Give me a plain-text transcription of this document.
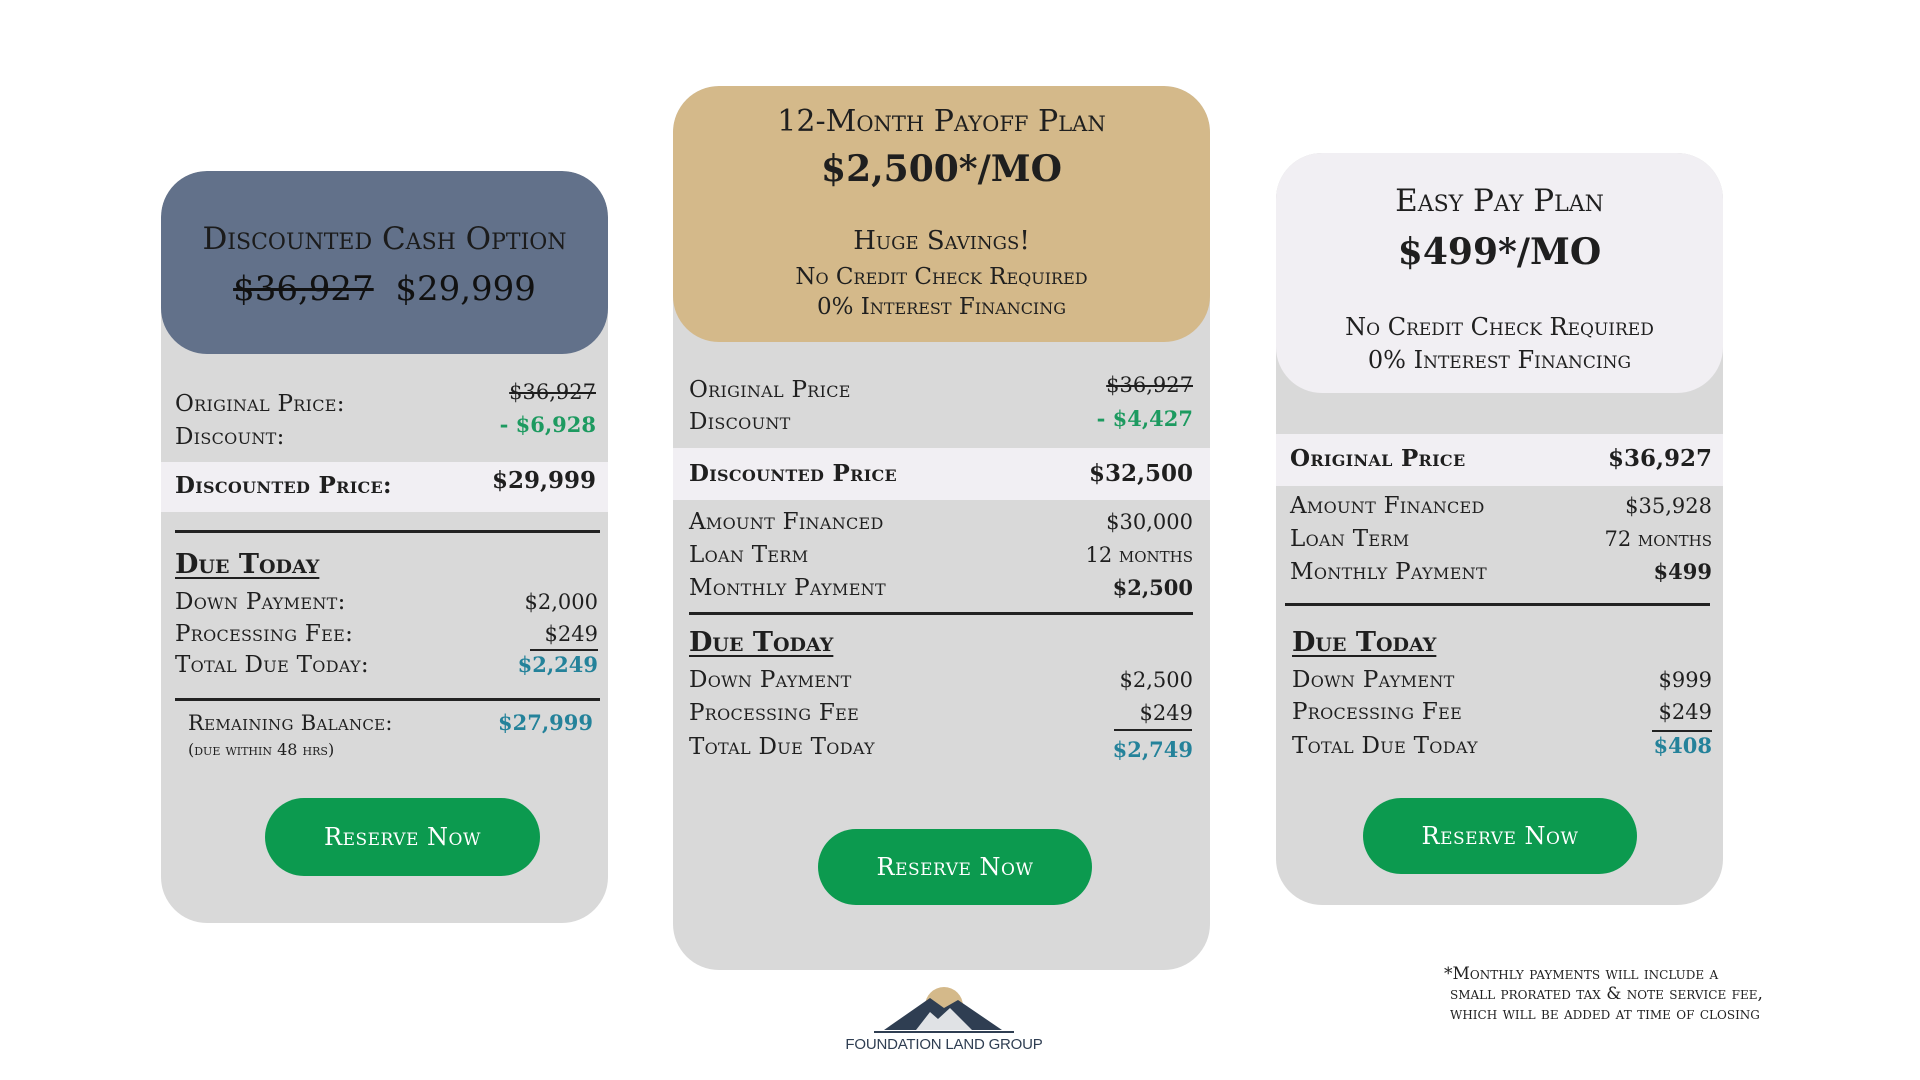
Discounted Cash Option
$36,927 $29,999
Original Price:	$36,927
Discount:	- $6,928
Discounted Price:	$29,999
Due Today
Down Payment:	$2,000
Processing Fee:	$249
Total Due Today:	$2,249
Remaining Balance:	$27,999
(due within 48 hrs)
Reserve Now
12-Month Payoff Plan
$2,500*/MO
Huge Savings!
No Credit Check Required
0% Interest Financing
Original Price	$36,927
Discount	- $4,427
Discounted Price	$32,500
Amount Financed	$30,000
Loan Term	12 months
Monthly Payment	$2,500
Due Today
Down Payment	$2,500
Processing Fee	$249
Total Due Today	$2,749
Reserve Now
Easy Pay Plan
$499*/MO
No Credit Check Required
0% Interest Financing
Original Price	$36,927
Amount Financed	$35,928
Loan Term	72 months
Monthly Payment	$499
Due Today
Down Payment	$999
Processing Fee	$249
Total Due Today	$408
Reserve Now
*Monthly payments will include a
small prorated tax & note service fee,
which will be added at time of closing
FOUNDATION LAND GROUP
